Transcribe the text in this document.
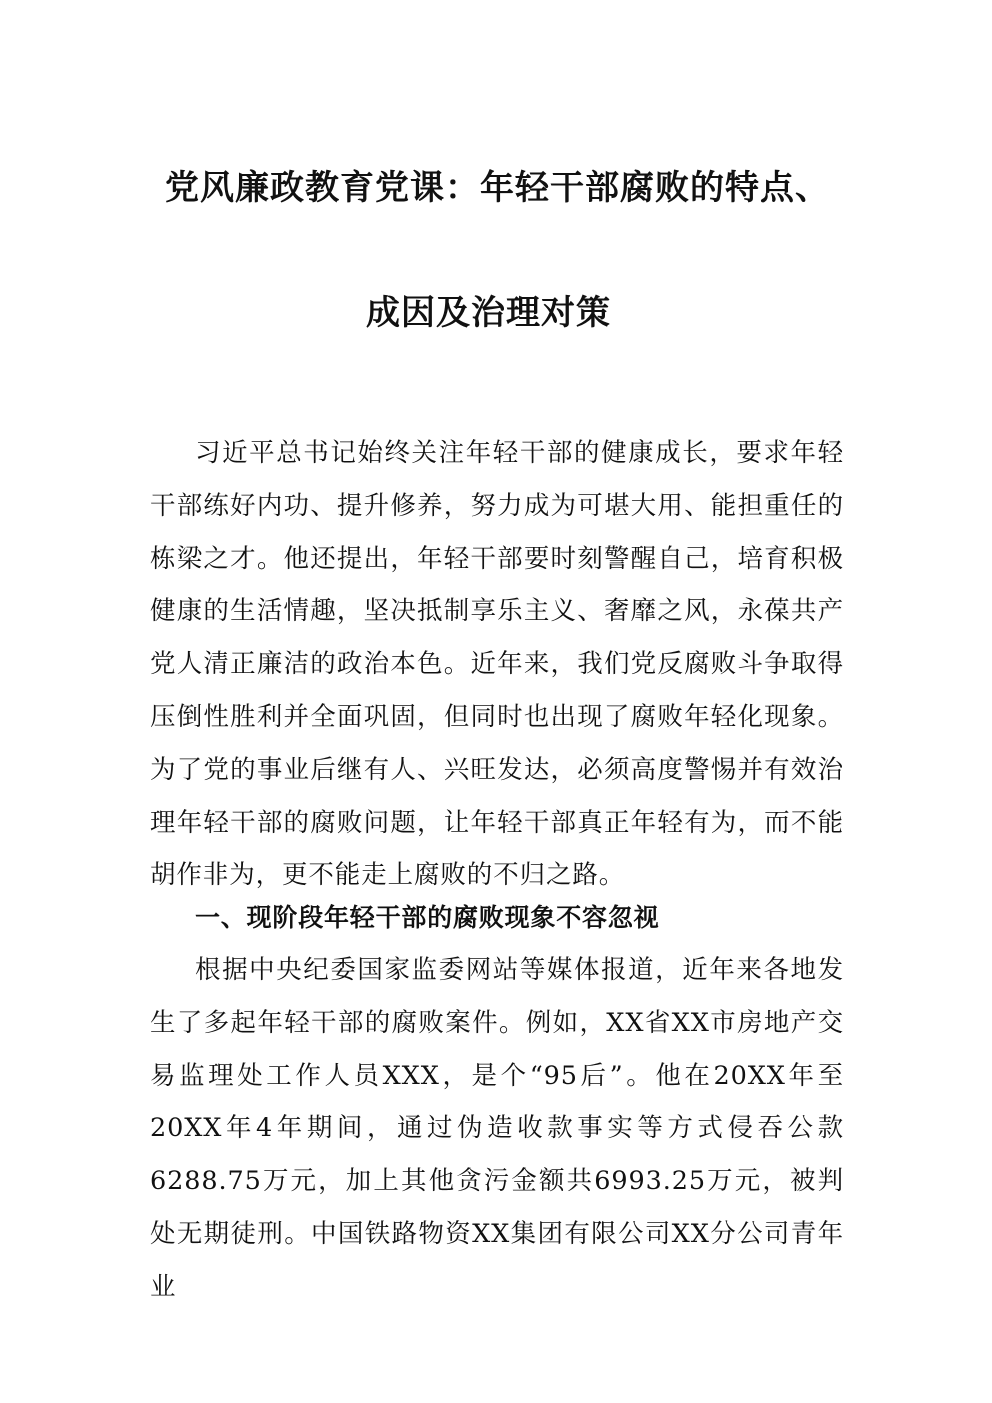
党风廉政教育党课：年轻干部腐败的特点、
成因及治理对策

习近平总书记始终关注年轻干部的健康成长，要求年轻干部练好内功、提升修养，努力成为可堪大用、能担重任的栋梁之才。他还提出，年轻干部要时刻警醒自己，培育积极健康的生活情趣，坚决抵制享乐主义、奢靡之风，永葆共产党人清正廉洁的政治本色。近年来，我们党反腐败斗争取得压倒性胜利并全面巩固，但同时也出现了腐败年轻化现象。为了党的事业后继有人、兴旺发达，必须高度警惕并有效治理年轻干部的腐败问题，让年轻干部真正年轻有为，而不能胡作非为，更不能走上腐败的不归之路。

一、现阶段年轻干部的腐败现象不容忽视

根据中央纪委国家监委网站等媒体报道，近年来各地发生了多起年轻干部的腐败案件。例如，XX省XX市房地产交易监理处工作人员XXX，是个“95后”。他在20XX年至20XX年4年期间，通过伪造收款事实等方式侵吞公款6288.75万元，加上其他贪污金额共6993.25万元，被判处无期徒刑。中国铁路物资XX集团有限公司XX分公司青年业
